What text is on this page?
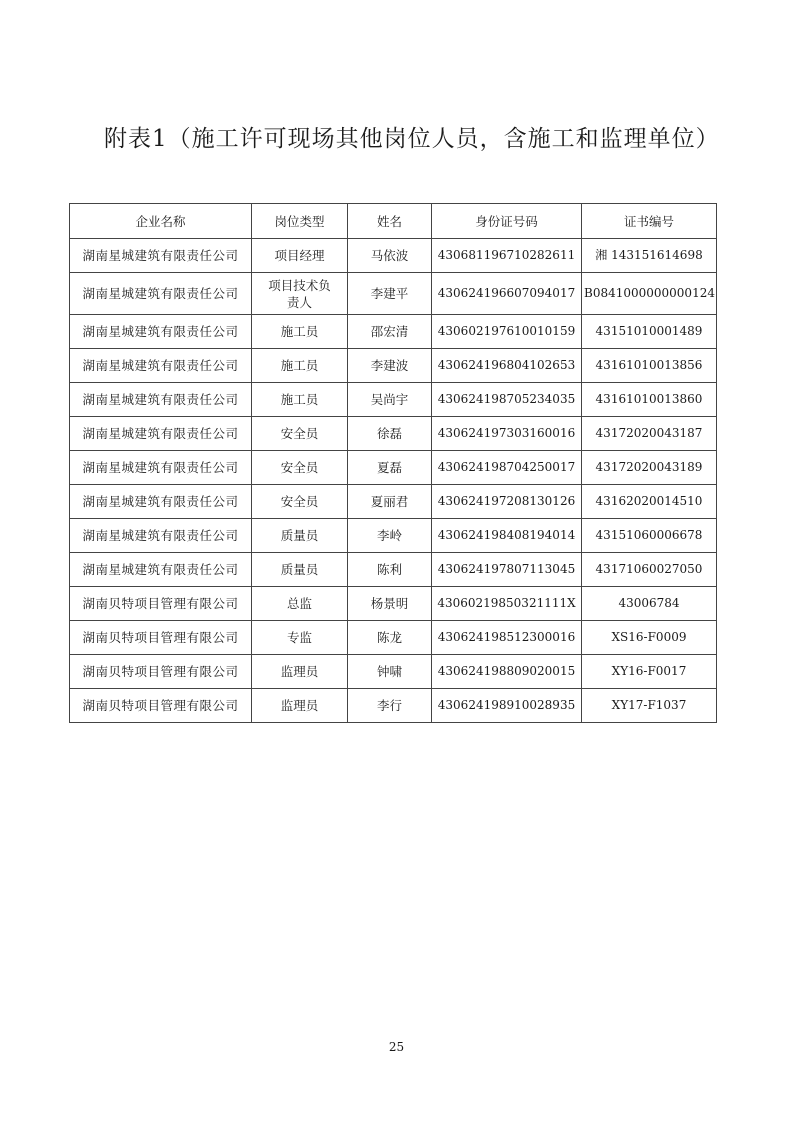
附表1（施工许可现场其他岗位人员，含施工和监理单位）
企业名称	岗位类型	姓名	身份证号码	证书编号
湖南星城建筑有限责任公司	项目经理	马依波	430681196710282611	湘 143151614698
湖南星城建筑有限责任公司	项目技术负责人	李建平	430624196607094017	B0841000000000124
湖南星城建筑有限责任公司	施工员	邵宏清	430602197610010159	43151010001489
湖南星城建筑有限责任公司	施工员	李建波	430624196804102653	43161010013856
湖南星城建筑有限责任公司	施工员	吴尚宇	430624198705234035	43161010013860
湖南星城建筑有限责任公司	安全员	徐磊	430624197303160016	43172020043187
湖南星城建筑有限责任公司	安全员	夏磊	430624198704250017	43172020043189
湖南星城建筑有限责任公司	安全员	夏丽君	430624197208130126	43162020014510
湖南星城建筑有限责任公司	质量员	李岭	430624198408194014	43151060006678
湖南星城建筑有限责任公司	质量员	陈利	430624197807113045	43171060027050
湖南贝特项目管理有限公司	总监	杨景明	43060219850321111X	43006784
湖南贝特项目管理有限公司	专监	陈龙	430624198512300016	XS16-F0009
湖南贝特项目管理有限公司	监理员	钟啸	430624198809020015	XY16-F0017
湖南贝特项目管理有限公司	监理员	李行	430624198910028935	XY17-F1037
25
